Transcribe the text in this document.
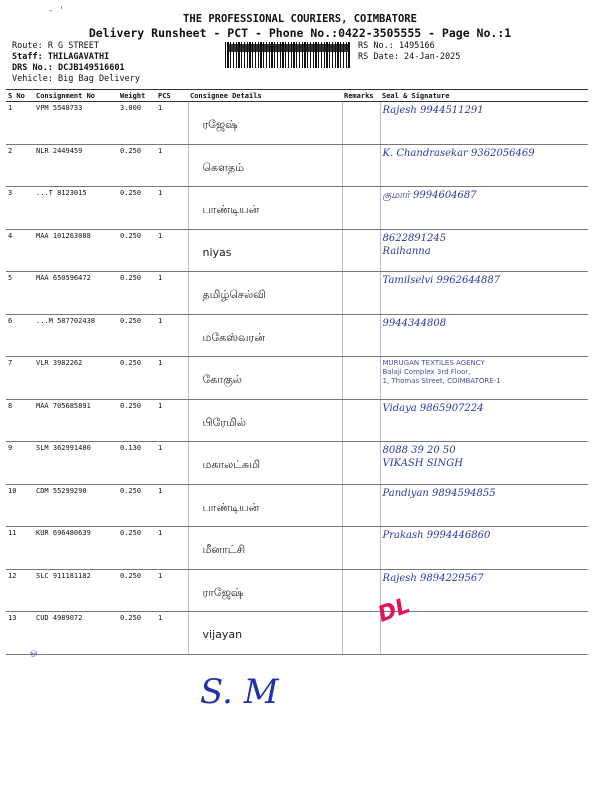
- '
THE PROFESSIONAL COURIERS, COIMBATORE
Delivery Runsheet - PCT - Phone No.:0422-3505555 - Page No.:1
Route: R G STREET
Staff: THILAGAVATHI
DRS No.: DCJB149516601
Vehicle: Big Bag Delivery
RS No.: 1495166
RS Date: 24-Jan-2025
S No	Consignment No	Weight	PCS	Consignee Details	Remarks	Seal & Signature
1	VPM 5548733	3.000	1	ரஜேஷ்		Rajesh 9944511291

2	NLR 2449459	0.250	1	கௌதம்		K. Chandrasekar 9362056469

3	...T 8123015	0.250	1	பாண்டியன்		குமார் 9994604687

4	MAA 101263088	0.250	1	niyas		8622891245
Raihanna

5	MAA 650596472	0.250	1	தமிழ்செல்வி		Tamilselvi 9962644887

6	...M 587702438	0.250	1	மகேஸ்வரன்		9944344808

7	VLR 3982262	0.250	1	கோகுல்		MURUGAN TEXTILES AGENCY
Balaji Complex 3rd Floor,
1, Thomas Street, COIMBATORE-1

8	MAA 705685891	0.250	1	பிரேமில்		Vidaya 9865907224

9	SLM 362991480	0.130	1	மகாலட்சுமி		8088 39 20 50
VIKASH SINGH

10	CDM 55299290	0.250	1	பாண்டியன்		Pandiyan 9894594855

11	KUR 696480639	0.250	1	மீனாட்சி		Prakash 9994446860

12	SLC 911181182	0.250	1	ராஜேஷ்		Rajesh 9894229567

13	CUD 4989072	0.250	1	vijayan		

DL
ஒ
S. M
